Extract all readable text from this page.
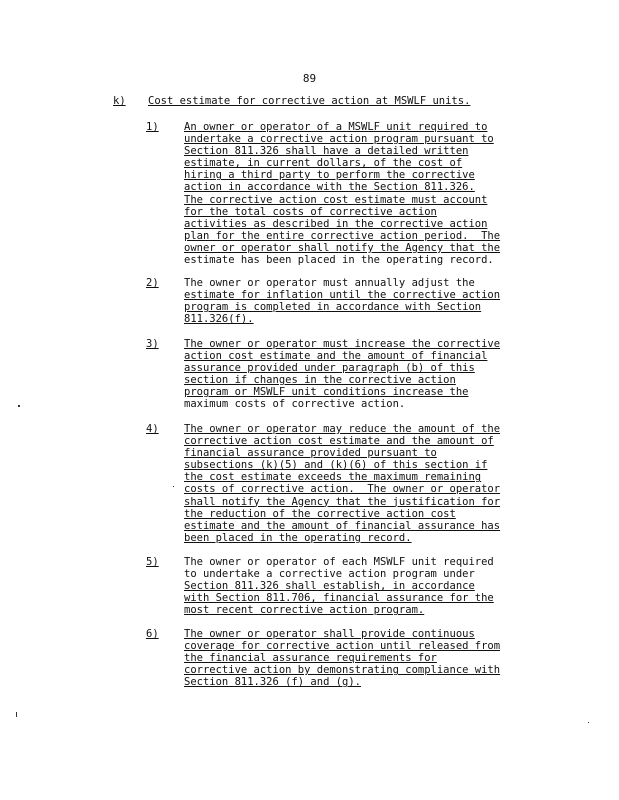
89
k)	Cost estimate for corrective action at MSWLF units.
1)	An owner or operator of a MSWLF unit required to
undertake a corrective action program pursuant to
Section 811.326 shall have a detailed written
estimate, in current dollars, of the cost of
hiring a third party to perform the corrective
action in accordance with the Section 811.326.
The corrective action cost estimate must account
for the total costs of corrective action
activities as described in the corrective action
plan for the entire corrective action period.  The
owner or operator shall notify the Agency that the
estimate has been placed in the operating record.
2)	The owner or operator must annually adjust the
estimate for inflation until the corrective action
program is completed in accordance with Section
811.326(f).
3)	The owner or operator must increase the corrective
action cost estimate and the amount of financial
assurance provided under paragraph (b) of this
section if changes in the corrective action
program or MSWLF unit conditions increase the
maximum costs of corrective action.
4)	The owner or operator may reduce the amount of the
corrective action cost estimate and the amount of
financial assurance provided pursuant to
subsections (k)(5) and (k)(6) of this section if
the cost estimate exceeds the maximum remaining
costs of corrective action.  The owner or operator
shall notify the Agency that the justification for
the reduction of the corrective action cost
estimate and the amount of financial assurance has
been placed in the operating record.
5)	The owner or operator of each MSWLF unit required
to undertake a corrective action program under
Section 811.326 shall establish, in accordance
with Section 811.706, financial assurance for the
most recent corrective action program.
6)	The owner or operator shall provide continuous
coverage for corrective action until released from
the financial assurance requirements for
corrective action by demonstrating compliance with
Section 811.326 (f) and (g).
